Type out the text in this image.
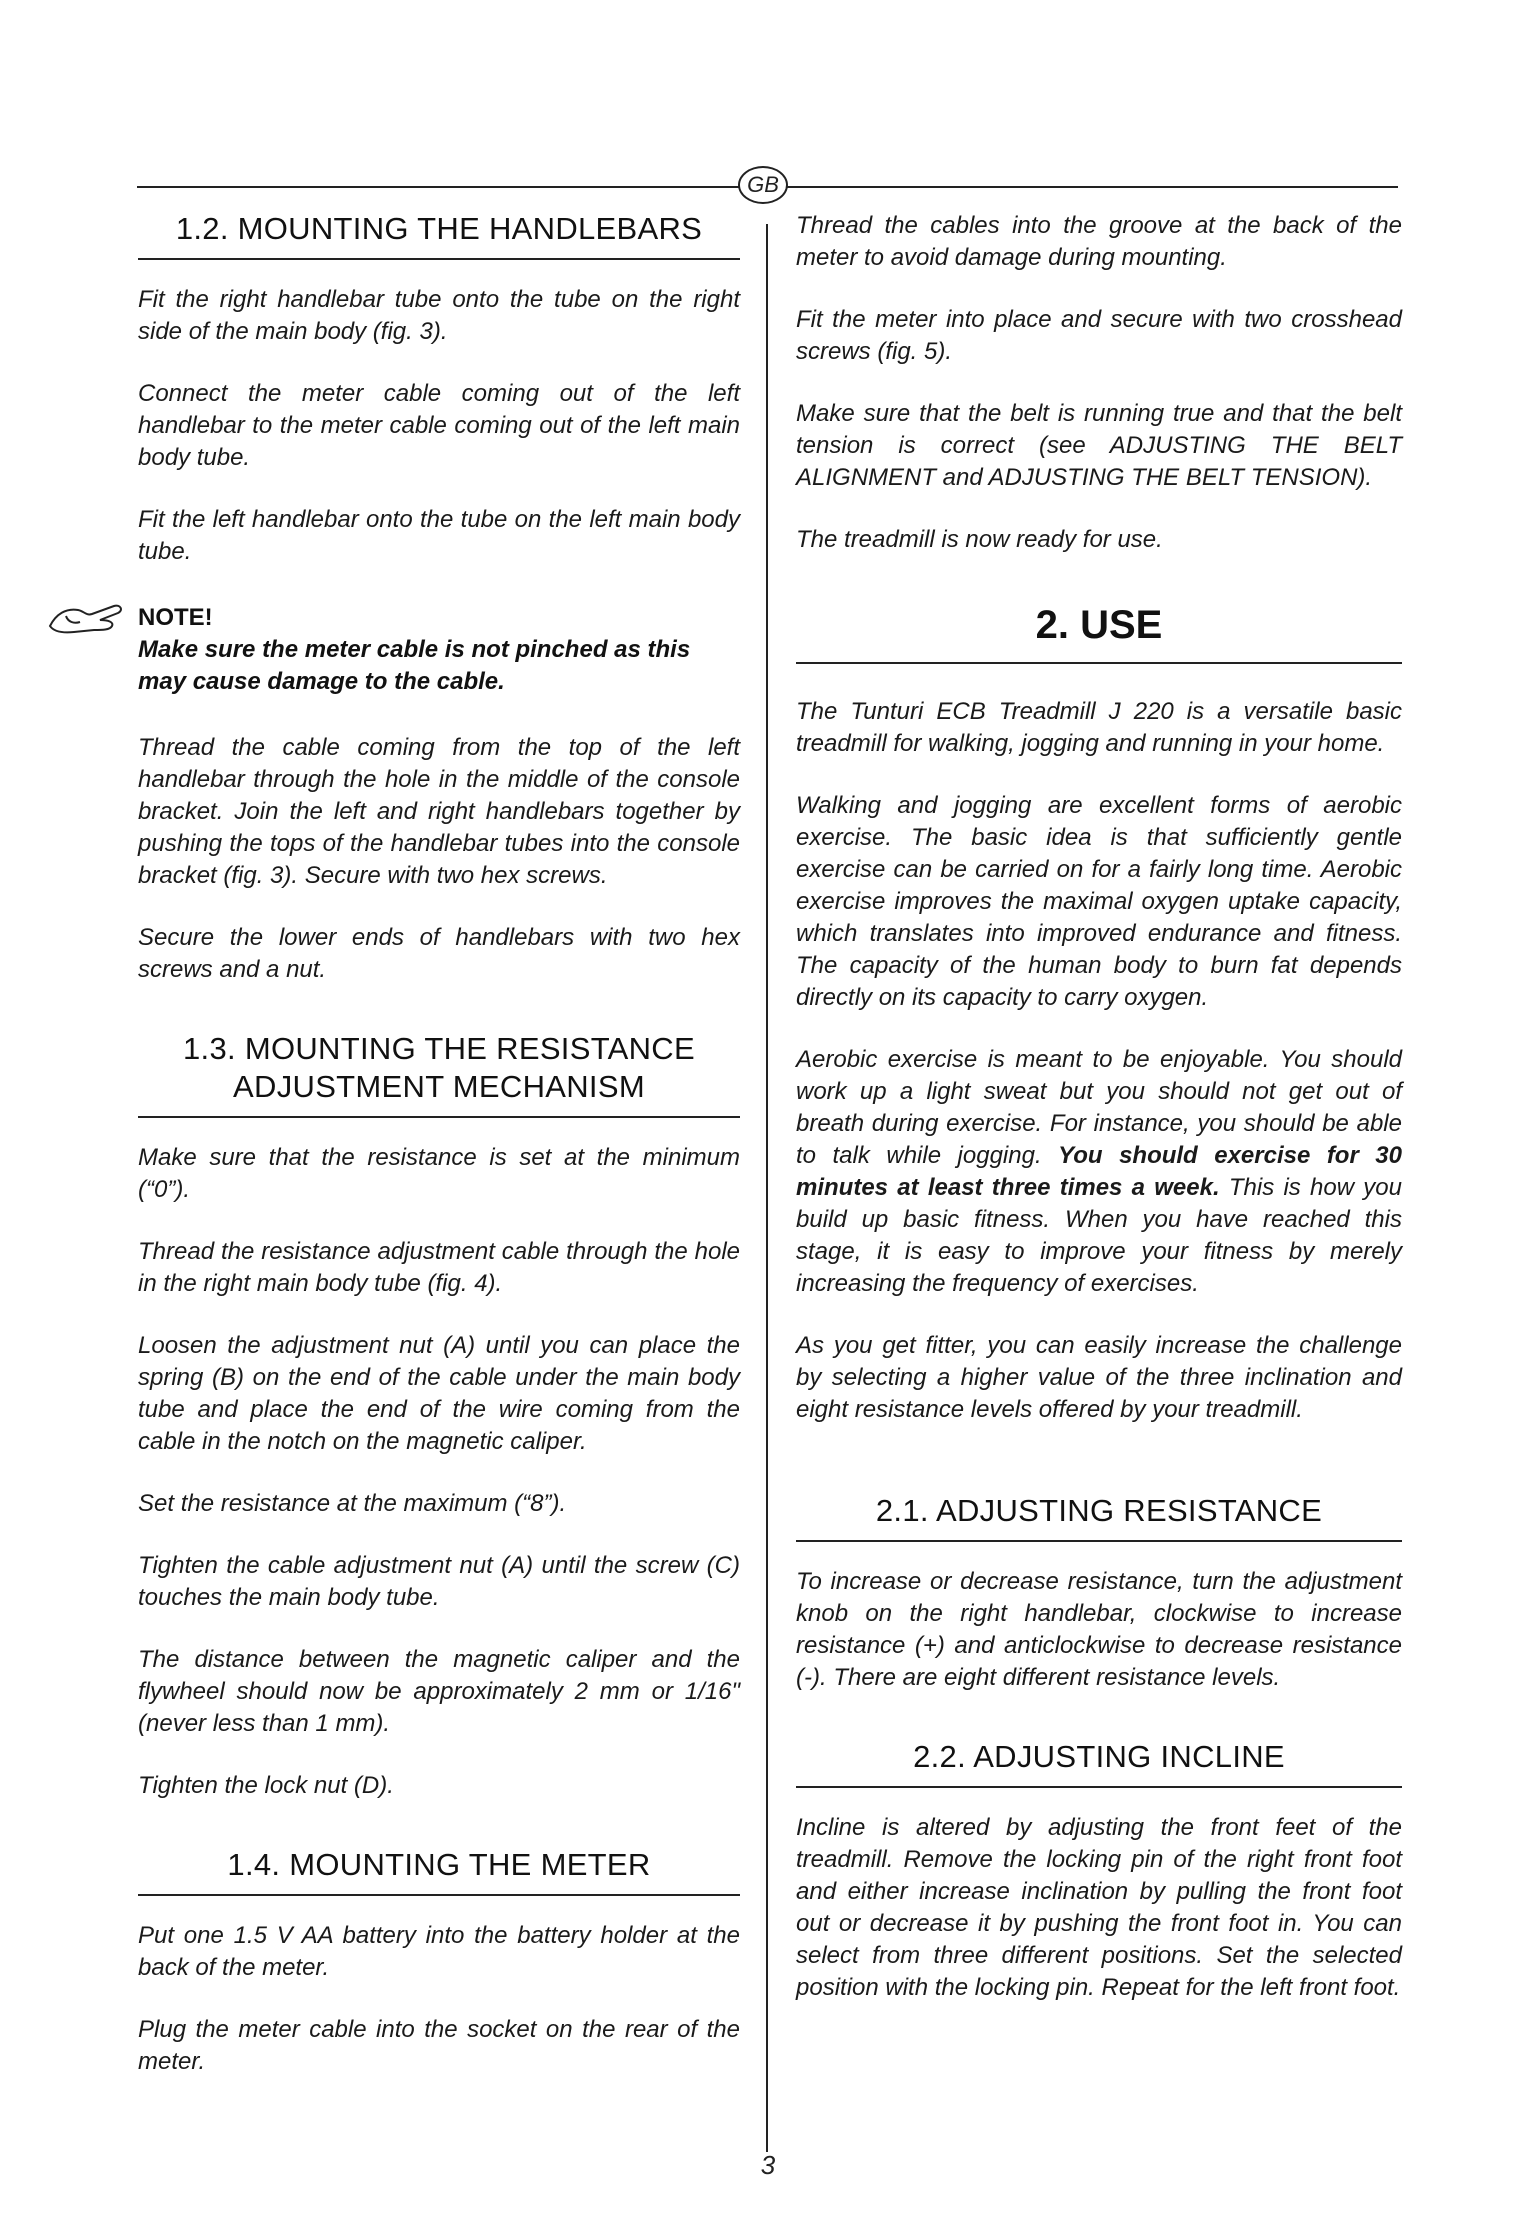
GB
1.2. MOUNTING THE HANDLEBARS

Fit the right handlebar tube onto the tube on the right side of the main body (fig. 3).

Connect the meter cable coming out of the left handlebar to the meter cable coming out of the left main body tube.

Fit the left handlebar onto the tube on the left main body tube.

NOTE!

Make sure the meter cable is not pinched as this may cause damage to the cable.

Thread the cable coming from the top of the left handlebar through the hole in the middle of the console bracket. Join the left and right handlebars together by pushing the tops of the handlebar tubes into the console bracket (fig. 3). Secure with two hex screws.

Secure the lower ends of handlebars with two hex screws and a nut.

1.3. MOUNTING THE RESISTANCE
ADJUSTMENT MECHANISM

Make sure that the resistance is set at the minimum (“0”).

Thread the resistance adjustment cable through the hole in the right main body tube (fig. 4).

Loosen the adjustment nut (A) until you can place the spring (B) on the end of the cable under the main body tube and place the end of the wire coming from the cable in the notch on the magnetic caliper.

Set the resistance at the maximum (“8”).

Tighten the cable adjustment nut (A) until the screw (C) touches the main body tube.

The distance between the magnetic caliper and the flywheel should now be approximately 2 mm or 1/16" (never less than 1 mm).

Tighten the lock nut (D).

1.4. MOUNTING THE METER

Put one 1.5 V AA battery into the battery holder at the back of the meter.

Plug the meter cable into the socket on the rear of the meter.

Thread the cables into the groove at the back of the meter to avoid damage during mounting.

Fit the meter into place and secure with two crosshead screws (fig. 5).

Make sure that the belt is running true and that the belt tension is correct (see ADJUSTING THE BELT ALIGNMENT and ADJUSTING THE BELT TENSION).

The treadmill is now ready for use.

2. USE

The Tunturi ECB Treadmill J 220 is a versatile basic treadmill for walking, jogging and running in your home.

Walking and jogging are excellent forms of aerobic exercise. The basic idea is that sufficiently gentle exercise can be carried on for a fairly long time. Aerobic exercise improves the maximal oxygen uptake capacity, which translates into improved endurance and fitness. The capacity of the human body to burn fat depends directly on its capacity to carry oxygen.

Aerobic exercise is meant to be enjoyable. You should work up a light sweat but you should not get out of breath during exercise. For instance, you should be able to talk while jogging. You should exercise for 30 minutes at least three times a week. This is how you build up basic fitness. When you have reached this stage, it is easy to improve your fitness by merely increasing the frequency of exercises.

As you get fitter, you can easily increase the challenge by selecting a higher value of the three inclination and eight resistance levels offered by your treadmill.

2.1. ADJUSTING RESISTANCE

To increase or decrease resistance, turn the adjustment knob on the right handlebar, clockwise to increase resistance (+) and anticlockwise to decrease resistance (-). There are eight different resistance levels.

2.2. ADJUSTING INCLINE

Incline is altered by adjusting the front feet of the treadmill. Remove the locking pin of the right front foot and either increase inclination by pulling the front foot out or decrease it by pushing the front foot in. You can select from three different positions. Set the selected position with the locking pin. Repeat for the left front foot.

3
